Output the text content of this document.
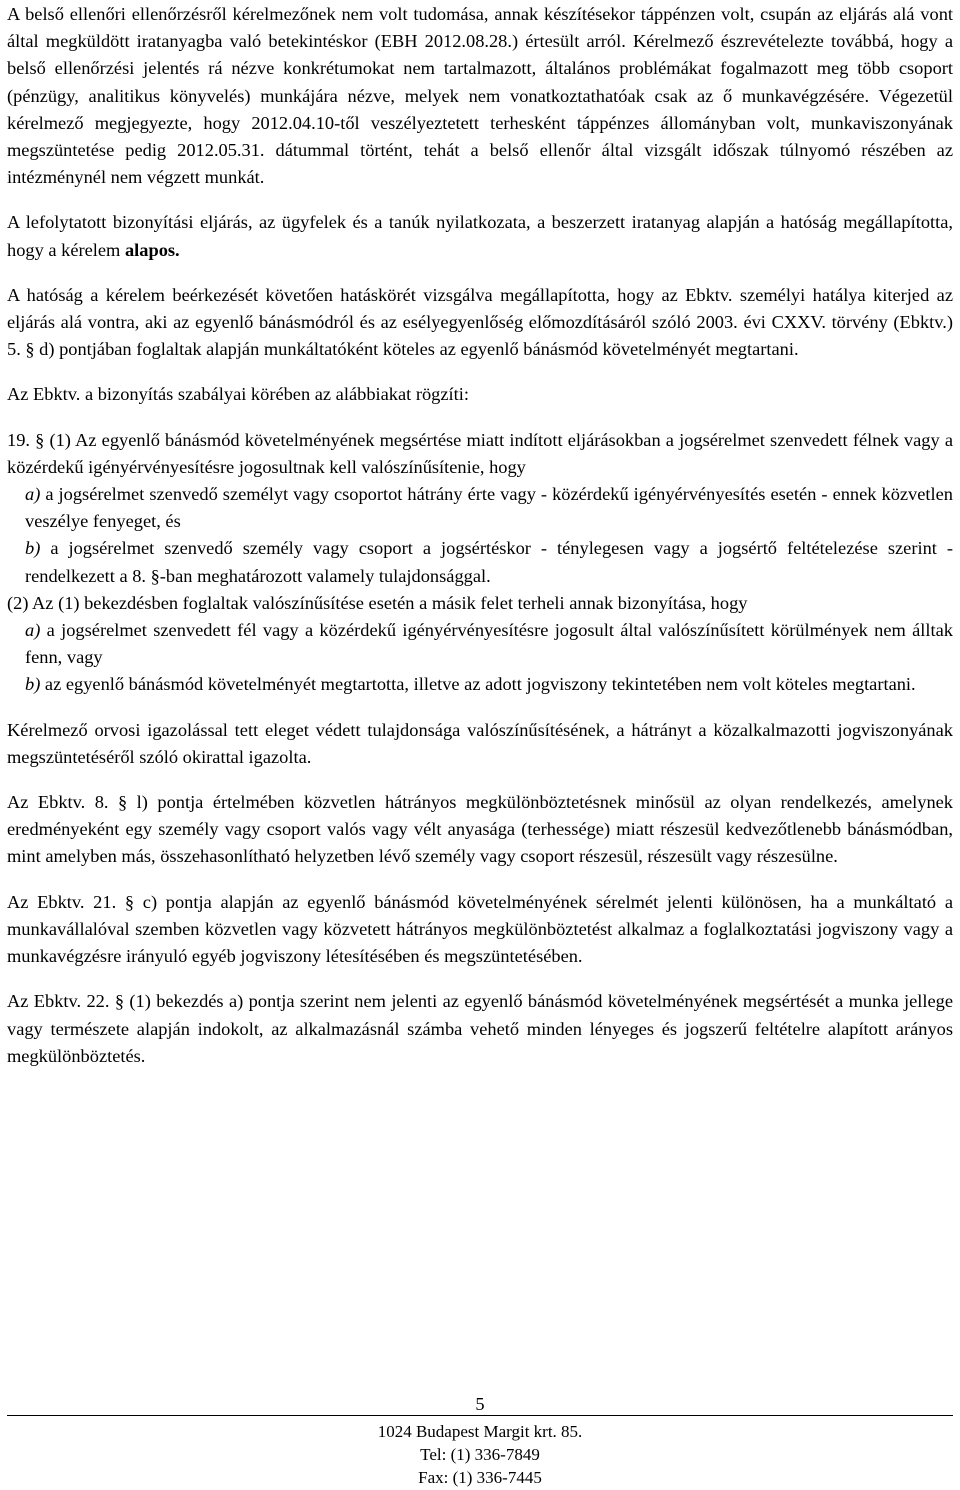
A belső ellenőri ellenőrzésről kérelmezőnek nem volt tudomása, annak készítésekor táppénzen volt, csupán az eljárás alá vont által megküldött iratanyagba való betekintéskor (EBH 2012.08.28.) értesült arról. Kérelmező észrevételezte továbbá, hogy a belső ellenőrzési jelentés rá nézve konkrétumokat nem tartalmazott, általános problémákat fogalmazott meg több csoport (pénzügy, analitikus könyvelés) munkájára nézve, melyek nem vonatkoztathatóak csak az ő munkavégzésére. Végezetül kérelmező megjegyezte, hogy 2012.04.10-től veszélyeztetett terhesként táppénzes állományban volt, munkaviszonyának megszüntetése pedig 2012.05.31. dátummal történt, tehát a belső ellenőr által vizsgált időszak túlnyomó részében az intézménynél nem végzett munkát.

A lefolytatott bizonyítási eljárás, az ügyfelek és a tanúk nyilatkozata, a beszerzett iratanyag alapján a hatóság megállapította, hogy a kérelem alapos.

A hatóság a kérelem beérkezését követően hatáskörét vizsgálva megállapította, hogy az Ebktv. személyi hatálya kiterjed az eljárás alá vontra, aki az egyenlő bánásmódról és az esélyegyenlőség előmozdításáról szóló 2003. évi CXXV. törvény (Ebktv.) 5. § d) pontjában foglaltak alapján munkáltatóként köteles az egyenlő bánásmód követelményét megtartani.

Az Ebktv. a bizonyítás szabályai körében az alábbiakat rögzíti:

19. § (1) Az egyenlő bánásmód követelményének megsértése miatt indított eljárásokban a jogsérelmet szenvedett félnek vagy a közérdekű igényérvényesítésre jogosultnak kell valószínűsítenie, hogy

a) a jogsérelmet szenvedő személyt vagy csoportot hátrány érte vagy - közérdekű igényérvényesítés esetén - ennek közvetlen veszélye fenyeget, és

b) a jogsérelmet szenvedő személy vagy csoport a jogsértéskor - ténylegesen vagy a jogsértő feltételezése szerint - rendelkezett a 8. §-ban meghatározott valamely tulajdonsággal.

(2) Az (1) bekezdésben foglaltak valószínűsítése esetén a másik felet terheli annak bizonyítása, hogy

a) a jogsérelmet szenvedett fél vagy a közérdekű igényérvényesítésre jogosult által valószínűsített körülmények nem álltak fenn, vagy

b) az egyenlő bánásmód követelményét megtartotta, illetve az adott jogviszony tekintetében nem volt köteles megtartani.

Kérelmező orvosi igazolással tett eleget védett tulajdonsága valószínűsítésének, a hátrányt a közalkalmazotti jogviszonyának megszüntetéséről szóló okirattal igazolta.

Az Ebktv. 8. § l) pontja értelmében közvetlen hátrányos megkülönböztetésnek minősül az olyan rendelkezés, amelynek eredményeként egy személy vagy csoport valós vagy vélt anyasága (terhessége) miatt részesül kedvezőtlenebb bánásmódban, mint amelyben más, összehasonlítható helyzetben lévő személy vagy csoport részesül, részesült vagy részesülne.

Az Ebktv. 21. § c) pontja alapján az egyenlő bánásmód követelményének sérelmét jelenti különösen, ha a munkáltató a munkavállalóval szemben közvetlen vagy közvetett hátrányos megkülönböztetést alkalmaz a foglalkoztatási jogviszony vagy a munkavégzésre irányuló egyéb jogviszony létesítésében és megszüntetésében.

Az Ebktv. 22. § (1) bekezdés a) pontja szerint nem jelenti az egyenlő bánásmód követelményének megsértését a munka jellege vagy természete alapján indokolt, az alkalmazásnál számba vehető minden lényeges és jogszerű feltételre alapított arányos megkülönböztetés.

5
1024 Budapest Margit krt. 85.
Tel: (1) 336-7849
Fax: (1) 336-7445
